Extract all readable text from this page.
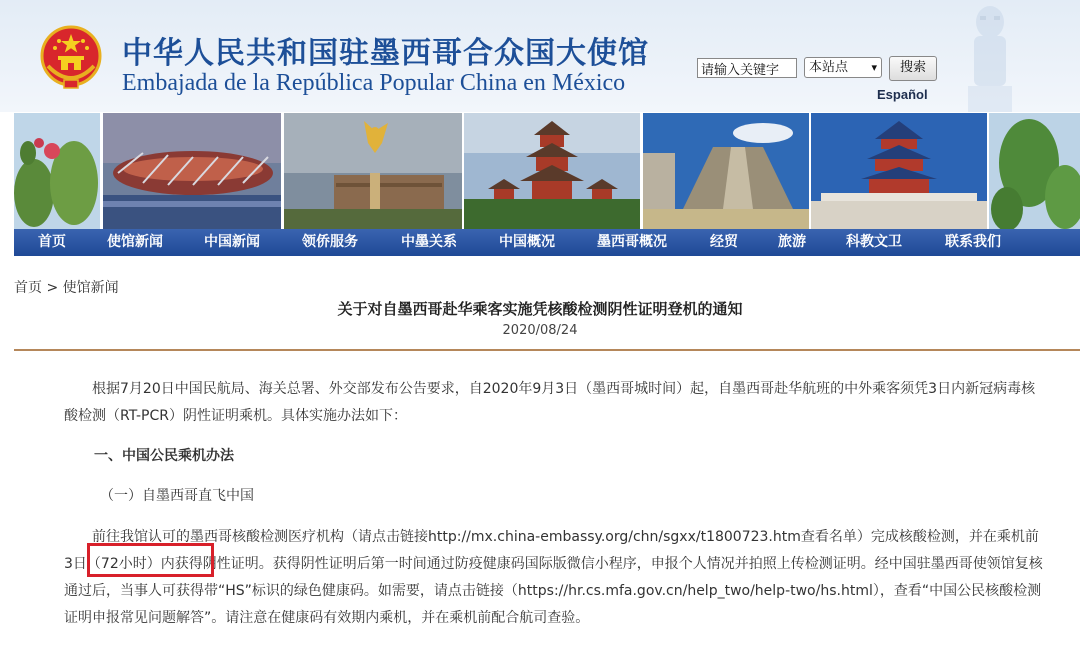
中华人民共和国驻墨西哥合众国大使馆
Embajada de la República Popular China en México
请输入关键字
本站点 ▾	搜索
Español
首页	使馆新闻	中国新闻	领侨服务	中墨关系	中国概况	墨西哥概况	经贸	旅游	科教文卫	联系我们
首页 > 使馆新闻
关于对自墨西哥赴华乘客实施凭核酸检测阴性证明登机的通知
2020/08/24
根据7月20日中国民航局、海关总署、外交部发布公告要求，自2020年9月3日（墨西哥城时间）起，自墨西哥赴华航班的中外乘客须凭3日内新冠病毒核酸检测（RT-PCR）阴性证明乘机。具体实施办法如下：
一、中国公民乘机办法
（一）自墨西哥直飞中国
前往我馆认可的墨西哥核酸检测医疗机构（请点击链接http://mx.china-embassy.org/chn/sgxx/t1800723.htm查看名单）完成核酸检测，并在乘机前3日（72小时）内获得阴性证明。获得阴性证明后第一时间通过防疫健康码国际版微信小程序，申报个人情况并拍照上传检测证明。经中国驻墨西哥使领馆复核通过后，当事人可获得带“HS”标识的绿色健康码。如需要，请点击链接（https://hr.cs.mfa.gov.cn/help_two/help-two/hs.html），查看“中国公民核酸检测证明申报常见问题解答”。请注意在健康码有效期内乘机，并在乘机前配合航司查验。
